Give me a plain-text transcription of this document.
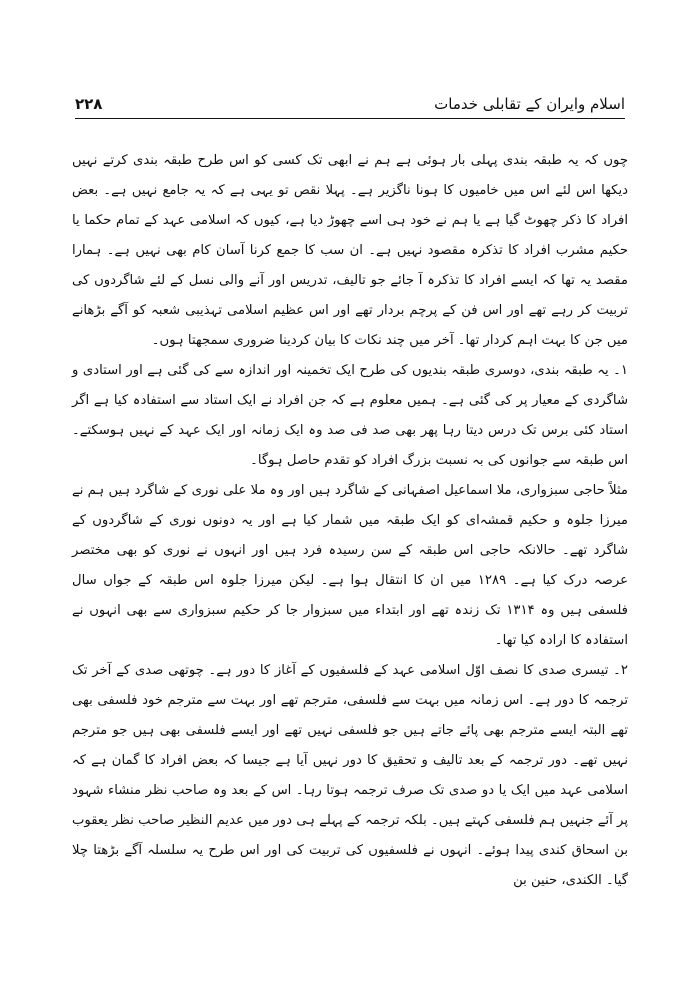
اسلام وایران کے تقابلی خدمات
۲۲۸

چوں کہ یہ طبقہ بندی پہلی بار ہوئی ہے ہم نے ابھی تک کسی کو اس طرح طبقہ بندی کرتے نہیں دیکھا اس لئے اس میں خامیوں کا ہونا ناگزیر ہے۔ پہلا نقص تو یہی ہے کہ یہ جامع نہیں ہے۔ بعض افراد کا ذکر چھوٹ گیا ہے یا ہم نے خود ہی اسے چھوڑ دیا ہے، کیوں کہ اسلامی عہد کے تمام حکما یا حکیم مشرب افراد کا تذکرہ مقصود نہیں ہے۔ ان سب کا جمع کرنا آسان کام بھی نہیں ہے۔ ہمارا مقصد یہ تھا کہ ایسے افراد کا تذکرہ آ جائے جو تالیف، تدریس اور آنے والی نسل کے لئے شاگردوں کی تربیت کر رہے تھے اور اس فن کے پرچم بردار تھے اور اس عظیم اسلامی تہذیبی شعبہ کو آگے بڑھانے میں جن کا بہت اہم کردار تھا۔ آخر میں چند نکات کا بیان کردینا ضروری سمجھتا ہوں۔

۱۔ یہ طبقہ بندی، دوسری طبقہ بندیوں کی طرح ایک تخمینہ اور اندازہ سے کی گئی ہے اور استادی و شاگردی کے معیار پر کی گئی ہے۔ ہمیں معلوم ہے کہ جن افراد نے ایک استاد سے استفادہ کیا ہے اگر استاد کئی برس تک درس دیتا رہا پھر بھی صد فی صد وہ ایک زمانہ اور ایک عہد کے نہیں ہوسکتے۔ اس طبقہ سے جوانوں کی بہ نسبت بزرگ افراد کو تقدم حاصل ہوگا۔

مثلاً حاجی سبزواری، ملا اسماعیل اصفہانی کے شاگرد ہیں اور وہ ملا علی نوری کے شاگرد ہیں ہم نے میرزا جلوہ و حکیم قمشہ‌ای کو ایک طبقہ میں شمار کیا ہے اور یہ دونوں نوری کے شاگردوں کے شاگرد تھے۔ حالانکہ حاجی اس طبقہ کے سن رسیدہ فرد ہیں اور انہوں نے نوری کو بھی مختصر عرصہ درک کیا ہے۔ ۱۲۸۹ میں ان کا انتقال ہوا ہے۔ لیکن میرزا جلوہ اس طبقہ کے جواں سال فلسفی ہیں وہ ۱۳۱۴ تک زندہ تھے اور ابتداء میں سبزوار جا کر حکیم سبزواری سے بھی انہوں نے استفادہ کا ارادہ کیا تھا۔

۲۔ تیسری صدی کا نصف اوّل اسلامی عہد کے فلسفیوں کے آغاز کا دور ہے۔ چوتھی صدی کے آخر تک ترجمہ کا دور ہے۔ اس زمانہ میں بہت سے فلسفی، مترجم تھے اور بہت سے مترجم خود فلسفی بھی تھے البتہ ایسے مترجم بھی پائے جاتے ہیں جو فلسفی نہیں تھے اور ایسے فلسفی بھی ہیں جو مترجم نہیں تھے۔ دور ترجمہ کے بعد تالیف و تحقیق کا دور نہیں آیا ہے جیسا کہ بعض افراد کا گمان ہے کہ اسلامی عہد میں ایک یا دو صدی تک صرف ترجمہ ہوتا رہا۔ اس کے بعد وہ صاحب نظر منشاء شہود پر آئے جنہیں ہم فلسفی کہتے ہیں۔ بلکہ ترجمہ کے پہلے ہی دور میں عدیم النظیر صاحب نظر یعقوب بن اسحاق کندی پیدا ہوئے۔ انہوں نے فلسفیوں کی تربیت کی اور اس طرح یہ سلسلہ آگے بڑھتا چلا گیا۔ الکندی، حنین بن
